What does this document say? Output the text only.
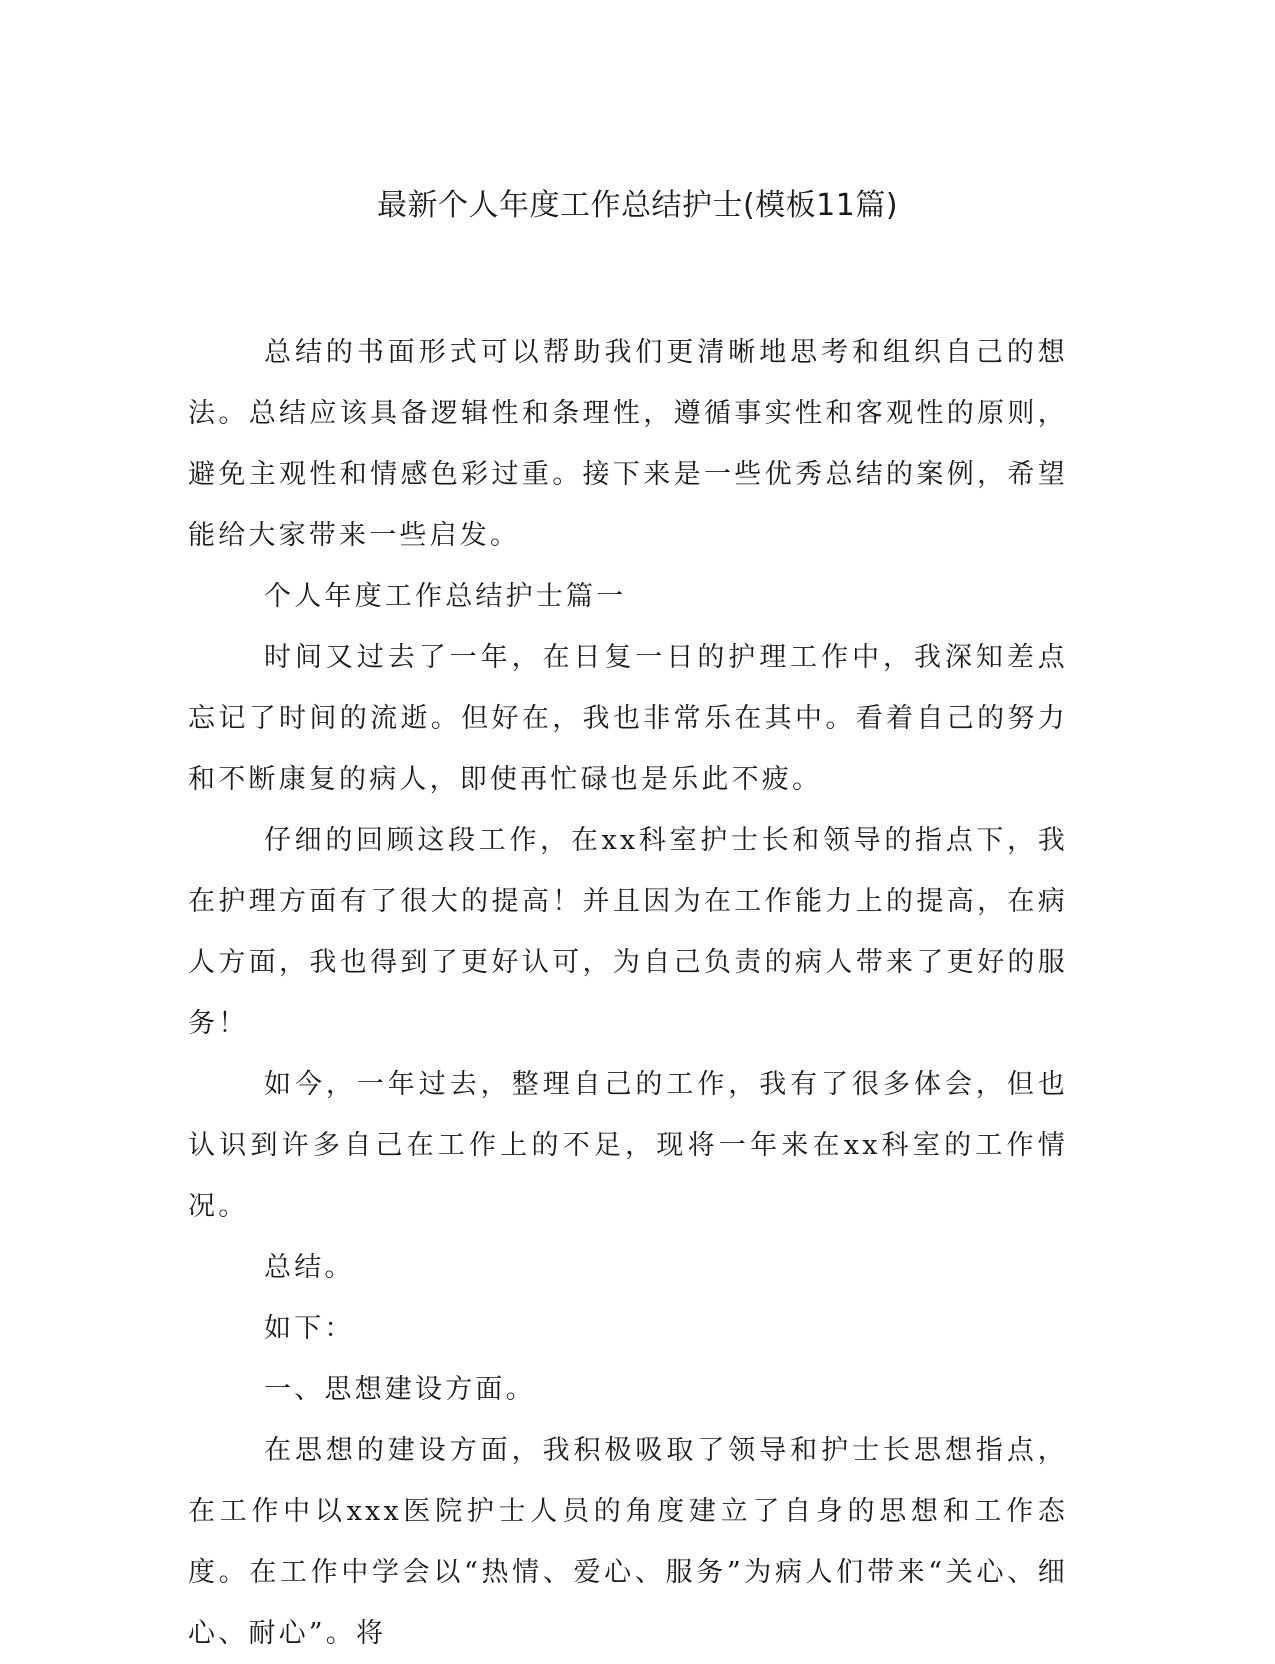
最新个人年度工作总结护士(模板11篇)

总结的书面形式可以帮助我们更清晰地思考和组织自己的想法。总结应该具备逻辑性和条理性，遵循事实性和客观性的原则，避免主观性和情感色彩过重。接下来是一些优秀总结的案例，希望能给大家带来一些启发。

个人年度工作总结护士篇一

时间又过去了一年，在日复一日的护理工作中，我深知差点忘记了时间的流逝。但好在，我也非常乐在其中。看着自己的努力和不断康复的病人，即使再忙碌也是乐此不疲。

仔细的回顾这段工作，在xx科室护士长和领导的指点下，我在护理方面有了很大的提高！并且因为在工作能力上的提高，在病人方面，我也得到了更好认可，为自己负责的病人带来了更好的服务！

如今，一年过去，整理自己的工作，我有了很多体会，但也认识到许多自己在工作上的不足，现将一年来在xx科室的工作情况。

总结。

如下：

一、思想建设方面。

在思想的建设方面，我积极吸取了领导和护士长思想指点，在工作中以xxx医院护士人员的角度建立了自身的思想和工作态度。在工作中学会以“热情、爱心、服务”为病人们带来“关心、细心、耐心”。将
